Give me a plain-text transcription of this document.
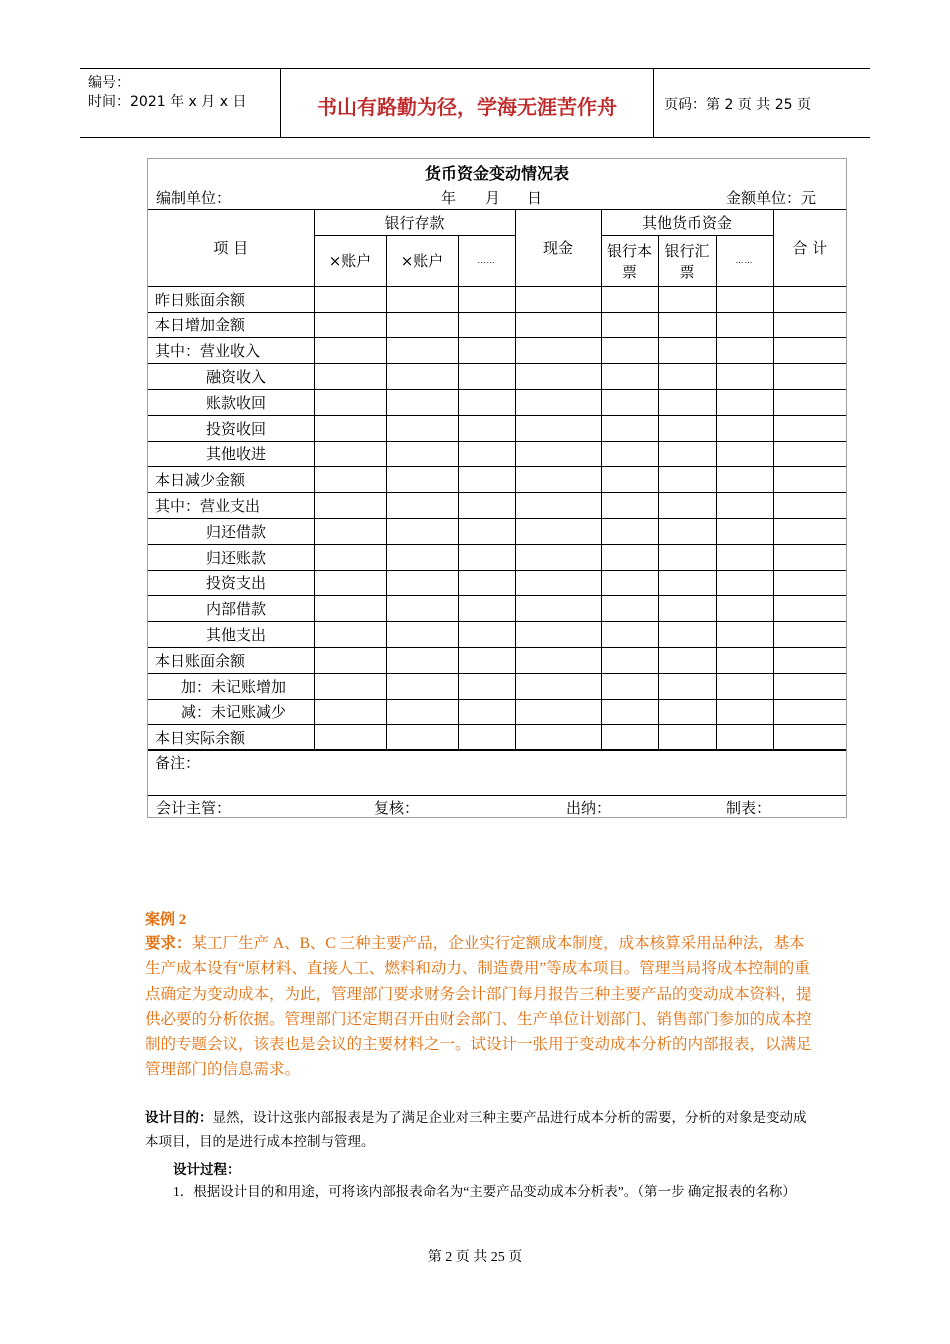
编号：
时间：2021 年 x 月 x 日	书山有路勤为径，学海无涯苦作舟	页码：第 2 页 共 25 页
货币资金变动情况表
编制单位：	年 月 日	金额单位：元
项 目	银行存款			现金	其他货币资金			合 计
	×账户	×账户	……		银行本票	银行汇票	……	
昨日账面余额								
本日增加金额								
其中：营业收入								
融资收入								
账款收回								
投资收回								
其他收进								
本日减少金额								
其中：营业支出								
归还借款								
归还账款								
投资支出								
内部借款								
其他支出								
本日账面余额								
加：未记账增加								
减：未记账减少								
本日实际余额								
备注：
会计主管：	复核：	出纳：	制表：
案例 2
要求：某工厂生产 A、B、C 三种主要产品，企业实行定额成本制度，成本核算采用品种法，基本生产成本设有“原材料、直接人工、燃料和动力、制造费用”等成本项目。管理当局将成本控制的重点确定为变动成本，为此，管理部门要求财务会计部门每月报告三种主要产品的变动成本资料，提供必要的分析依据。管理部门还定期召开由财会部门、生产单位计划部门、销售部门参加的成本控制的专题会议，该表也是会议的主要材料之一。试设计一张用于变动成本分析的内部报表，以满足管理部门的信息需求。
设计目的：显然，设计这张内部报表是为了满足企业对三种主要产品进行成本分析的需要，分析的对象是变动成本项目，目的是进行成本控制与管理。
设计过程：
1．根据设计目的和用途，可将该内部报表命名为“主要产品变动成本分析表”。（第一步 确定报表的名称）
第 2 页 共 25 页
